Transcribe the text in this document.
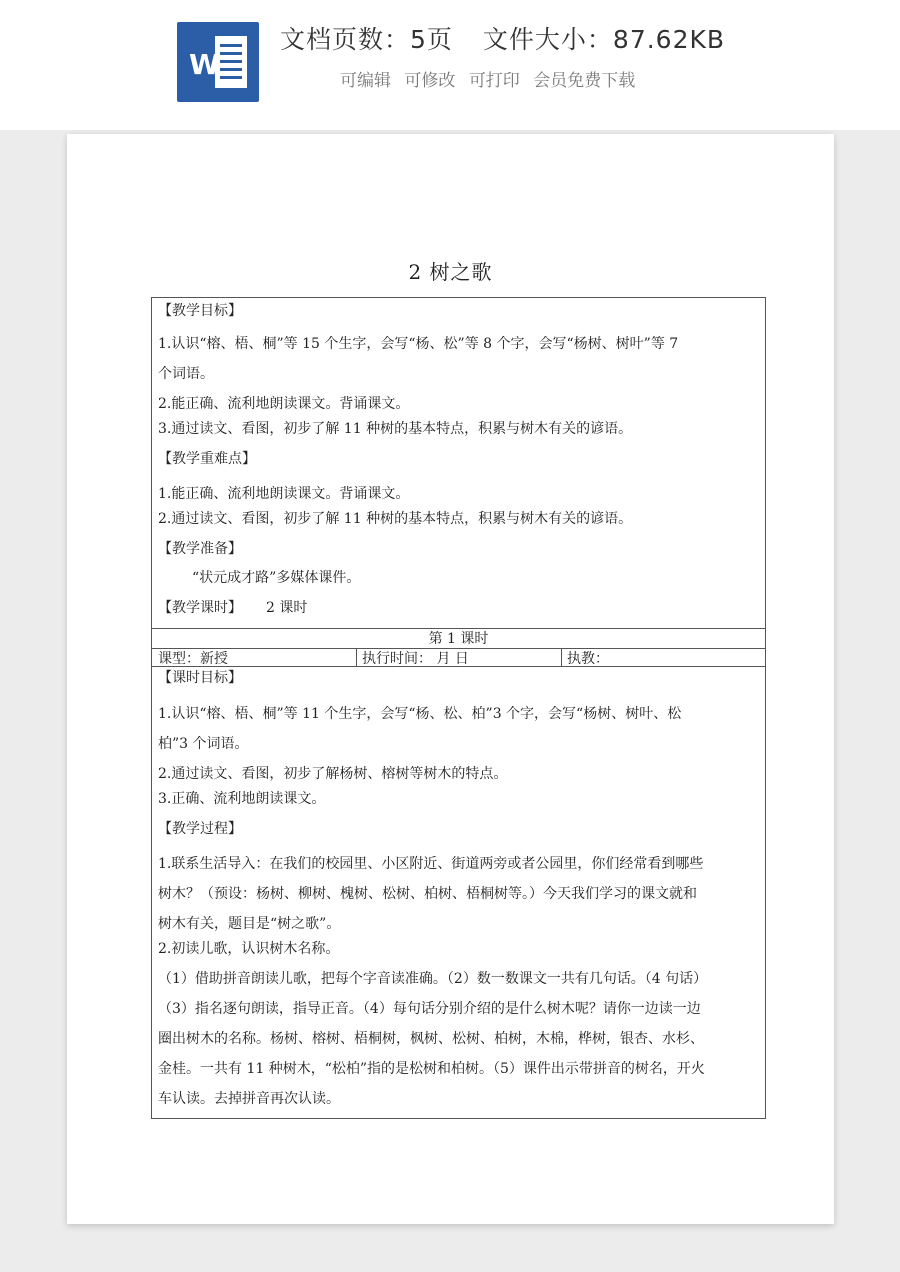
W
文档页数：5页 文件大小：87.62KB
可编辑 可修改 可打印 会员免费下载
2 树之歌
【教学目标】
1.认识“榕、梧、桐”等 15 个生字，会写“杨、松”等 8 个字，会写“杨树、树叶”等 7
个词语。
2.能正确、流利地朗读课文。背诵课文。
3.通过读文、看图，初步了解 11 种树的基本特点，积累与树木有关的谚语。
【教学重难点】
1.能正确、流利地朗读课文。背诵课文。
2.通过读文、看图，初步了解 11 种树的基本特点，积累与树木有关的谚语。
【教学准备】
“状元成才路”多媒体课件。
【教学课时】 2 课时
第 1 课时
课型：新授	执行时间： 月 日	执教：
【课时目标】
1.认识“榕、梧、桐”等 11 个生字，会写“杨、松、柏”3 个字，会写“杨树、树叶、松
柏”3 个词语。
2.通过读文、看图，初步了解杨树、榕树等树木的特点。
3.正确、流利地朗读课文。
【教学过程】
1.联系生活导入：在我们的校园里、小区附近、街道两旁或者公园里，你们经常看到哪些
树木？（预设：杨树、柳树、槐树、松树、柏树、梧桐树等。）今天我们学习的课文就和
树木有关，题目是“树之歌”。
2.初读儿歌，认识树木名称。
（1）借助拼音朗读儿歌，把每个字音读准确。（2）数一数课文一共有几句话。（4 句话）
（3）指名逐句朗读，指导正音。（4）每句话分别介绍的是什么树木呢？请你一边读一边
圈出树木的名称。杨树、榕树、梧桐树，枫树、松树、柏树，木棉，桦树，银杏、水杉、
金桂。一共有 11 种树木，“松柏”指的是松树和柏树。（5）课件出示带拼音的树名，开火
车认读。去掉拼音再次认读。
